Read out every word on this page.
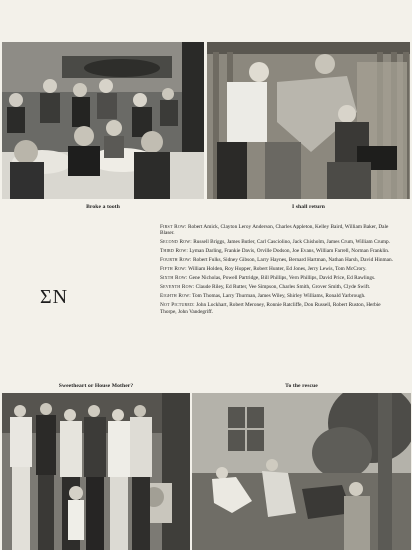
Broke a tooth	I shall return
ΣN
First Row: Robert Amick, Clayton Leroy Anderson, Charles Appleton, Kelley Baird, William Baker, Dale Blaser.
Second Row: Russell Briggs, James Butler, Carl Casciolino, Jack Chisholm, James Crum, William Crump.
Third Row: Lyman Darling, Frankie Davis, Orville Dodson, Joe Evans, William Farrell, Norman Franklin.
Fourth Row: Robert Fulks, Sidney Gibson, Larry Haynes, Bernard Hartman, Nathan Harsh, David Hinman.
Fifth Row: William Holden, Roy Hopper, Robert Hunter, Ed Jones, Jerry Lewis, Tom McCrory.
Sixth Row: Gene Nicholas, Powell Partridge, Bill Phillips, Vern Phillips, David Price, Ed Rawlings.
Seventh Row: Claude Riley, Ed Rutter, Vee Simpson, Charles Smith, Grover Smith, Clyde Swift.
Eighth Row: Tom Thomas, Larry Thurman, James Wiley, Shirley Williams, Ronald Yarbrough.
Not Pictured: John Lockhart, Robert Meroney, Ronnie Ratcliffe, Don Russell, Robert Ruston, Herbie Thorpe, John Vandegriff.
Sweetheart or House Mother?	To the rescue
